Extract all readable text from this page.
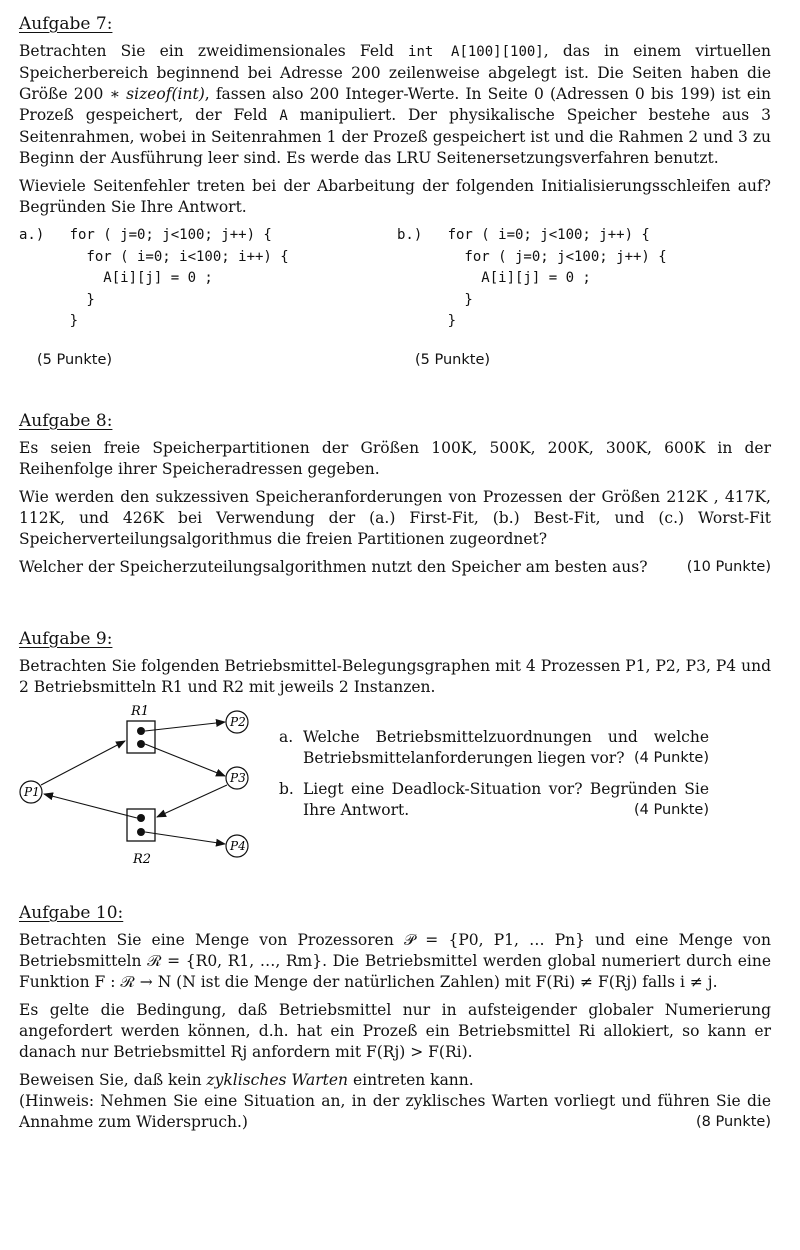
Aufgabe 7:

Betrachten Sie ein zweidimensionales Feld int A[100][100], das in einem virtuellen Speicherbereich beginnend bei Adresse 200 zeilenweise abgelegt ist. Die Seiten haben die Größe 200 ∗ sizeof(int), fassen also 200 Integer-Werte. In Seite 0 (Adressen 0 bis 199) ist ein Prozeß gespeichert, der Feld A manipuliert. Der physikalische Speicher bestehe aus 3 Seitenrahmen, wobei in Seitenrahmen 1 der Prozeß gespeichert ist und die Rahmen 2 und 3 zu Beginn der Ausführung leer sind. Es werde das LRU Seitenersetzungsverfahren benutzt.

Wieviele Seitenfehler treten bei der Abarbeitung der folgenden Initialisierungsschleifen auf? Begründen Sie Ihre Antwort.

a.)   for ( j=0; j<100; j++) {
for ( i=0; i<100; i++) {
A[i][j] = 0 ;
}
}
b.)   for ( i=0; j<100; j++) {
for ( j=0; j<100; j++) {
A[i][j] = 0 ;
}
}
(5 Punkte)	(5 Punkte)
Aufgabe 8:

Es seien freie Speicherpartitionen der Größen 100K, 500K, 200K, 300K, 600K in der Reihenfolge ihrer Speicheradressen gegeben.

Wie werden den sukzessiven Speicheranforderungen von Prozessen der Größen 212K , 417K, 112K, und 426K bei Verwendung der (a.) First-Fit, (b.) Best-Fit, und (c.) Worst-Fit Speicherverteilungsalgorithmus die freien Partitionen zugeordnet?

Welcher der Speicherzuteilungsalgorithmen nutzt den Speicher am besten aus?	(10 Punkte)

Aufgabe 9:

Betrachten Sie folgenden Betriebsmittel-Belegungsgraphen mit 4 Prozessen P1, P2, P3, P4 und 2 Betriebsmitteln R1 und R2 mit jeweils 2 Instanzen.

R1
R2
P1
P2
P3
P4
a. Welche Betriebsmittelzuordnungen und welche Betriebsmittelanforderungen liegen vor? (4 Punkte)
b. Liegt eine Deadlock-Situation vor? Begründen Sie Ihre Antwort.	(4 Punkte)
Aufgabe 10:

Betrachten Sie eine Menge von Prozessoren 𝒫 = {P0, P1, … Pn} und eine Menge von Betriebsmitteln ℛ = {R0, R1, …, Rm}. Die Betriebsmittel werden global numeriert durch eine Funktion F : ℛ → N (N ist die Menge der natürlichen Zahlen) mit F(Ri) ≠ F(Rj) falls i ≠ j.

Es gelte die Bedingung, daß Betriebsmittel nur in aufsteigender globaler Numerierung angefordert werden können, d.h. hat ein Prozeß ein Betriebsmittel Ri allokiert, so kann er danach nur Betriebsmittel Rj anfordern mit F(Rj) > F(Ri).

Beweisen Sie, daß kein zyklisches Warten eintreten kann.

(Hinweis: Nehmen Sie eine Situation an, in der zyklisches Warten vorliegt und führen Sie die Annahme zum Widerspruch.)	(8 Punkte)
